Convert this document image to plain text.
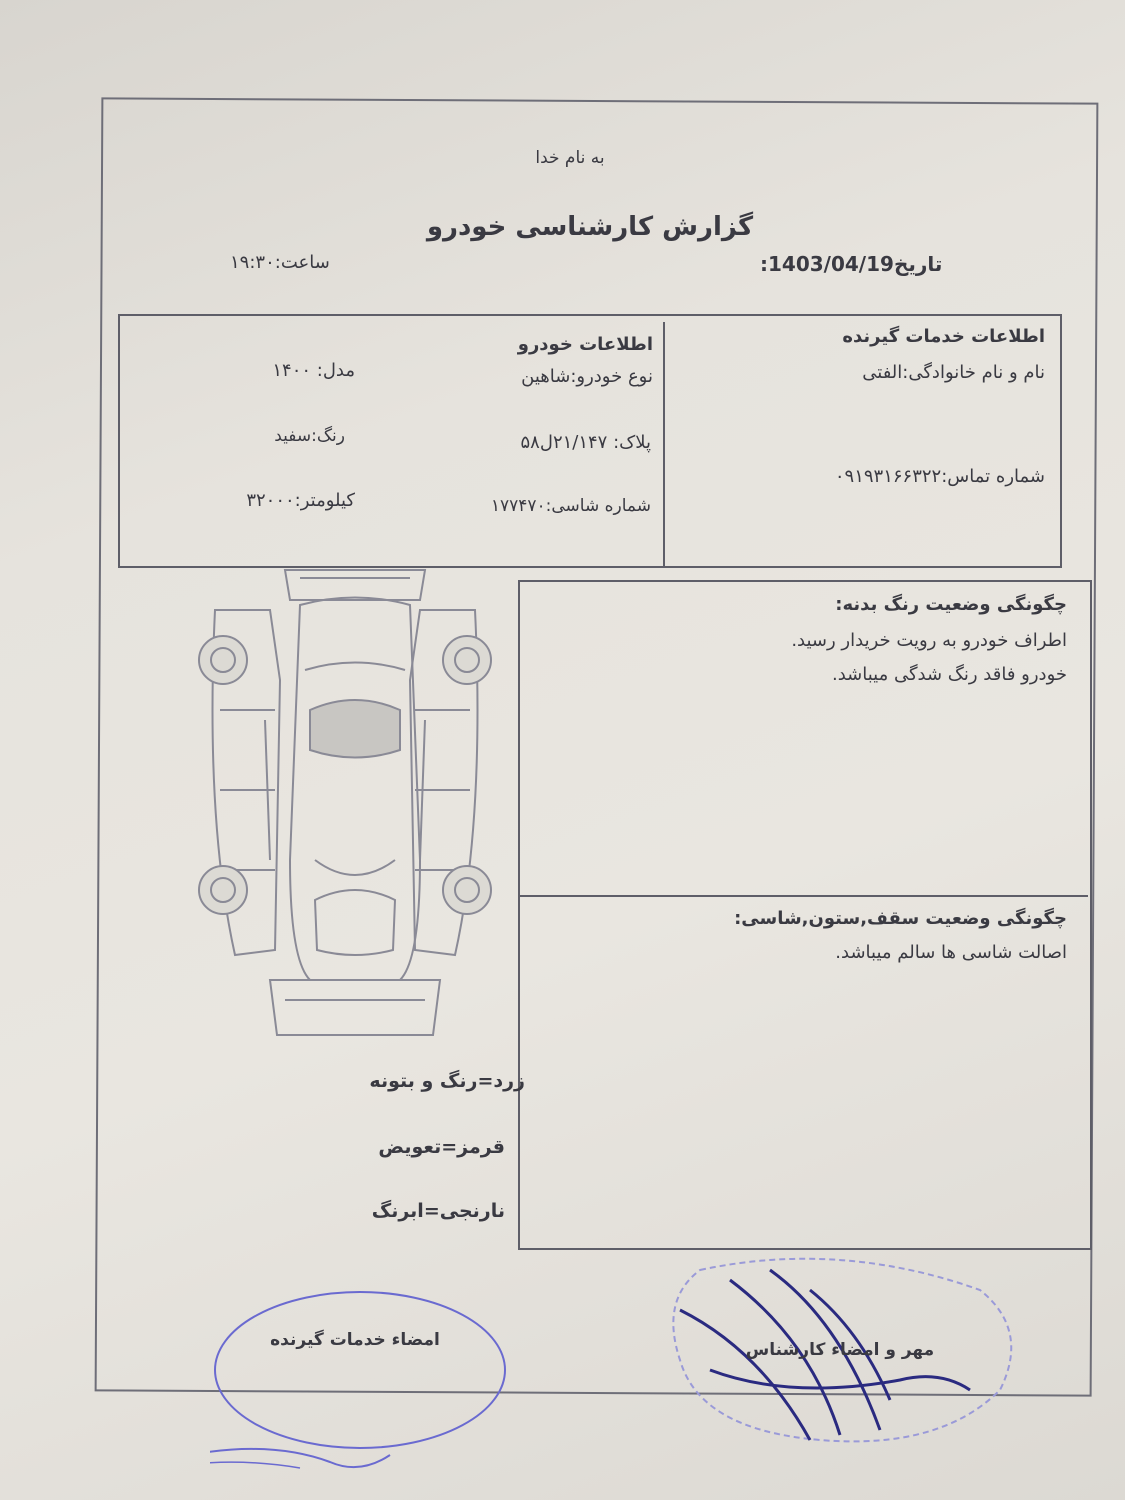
به نام خدا
گزارش کارشناسی خودرو
ساعت:۱۹:۳۰	تاریخ1403/04/19:
اطلاعات خدمات گیرنده
نام و نام خانوادگی:الفتی
شماره تماس:۰۹۱۹۳۱۶۶۳۲۲
اطلاعات خودرو
نوع خودرو:شاهین
مدل: ۱۴۰۰
پلاک: ۲۱/۱۴۷ل۵۸
رنگ:سفید
شماره شاسی:۱۷۷۴۷۰
کیلومتر:۳۲۰۰۰
چگونگی وضعیت رنگ بدنه:
اطراف خودرو به رویت خریدار رسید.
خودرو فاقد رنگ شدگی میباشد.
چگونگی وضعیت سقف,ستون,شاسی:
اصالت شاسی ها سالم میباشد.
زرد=رنگ و بتونه
قرمز=تعویض
نارنجی=ابرنگ
امضاء خدمات گیرنده	مهر و امضاء کارشناس
